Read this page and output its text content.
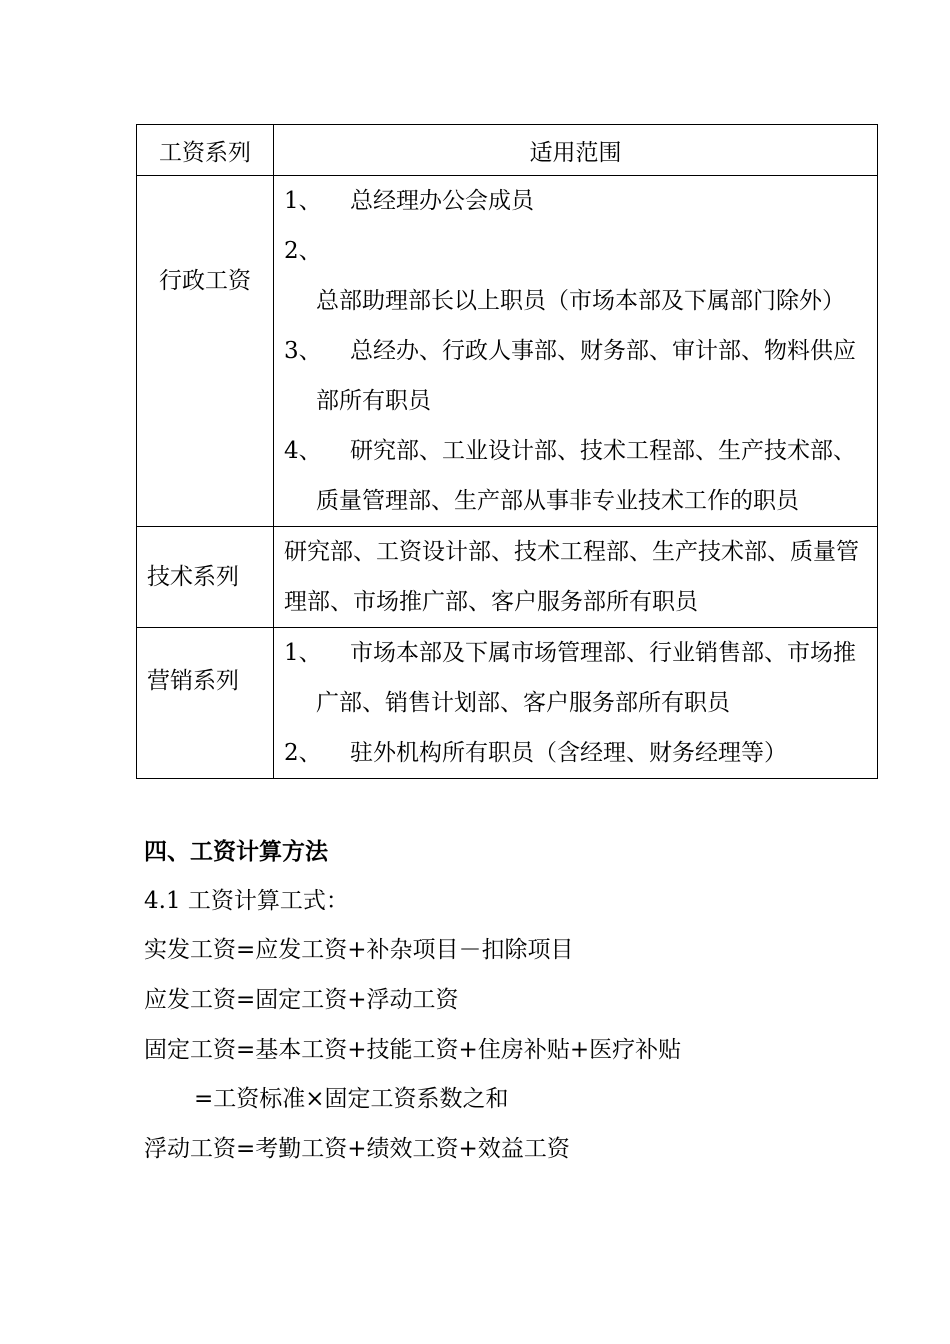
工资系列	适用范围
行政工资	1、 总经理办公会成员
2、总部助理部长以上职员（市场本部及下属部门除外）
3、 总经办、行政人事部、财务部、审计部、物料供应部所有职员
4、 研究部、工业设计部、技术工程部、生产技术部、质量管理部、生产部从事非专业技术工作的职员

技术系列	研究部、工资设计部、技术工程部、生产技术部、质量管理部、市场推广部、客户服务部所有职员

营销系列	1、 市场本部及下属市场管理部、行业销售部、市场推广部、销售计划部、客户服务部所有职员
2、 驻外机构所有职员（含经理、财务经理等）
四、工资计算方法
4.1 工资计算工式：
实发工资=应发工资+补杂项目－扣除项目
应发工资=固定工资+浮动工资
固定工资=基本工资+技能工资+住房补贴+医疗补贴
=工资标准×固定工资系数之和
浮动工资=考勤工资+绩效工资+效益工资
